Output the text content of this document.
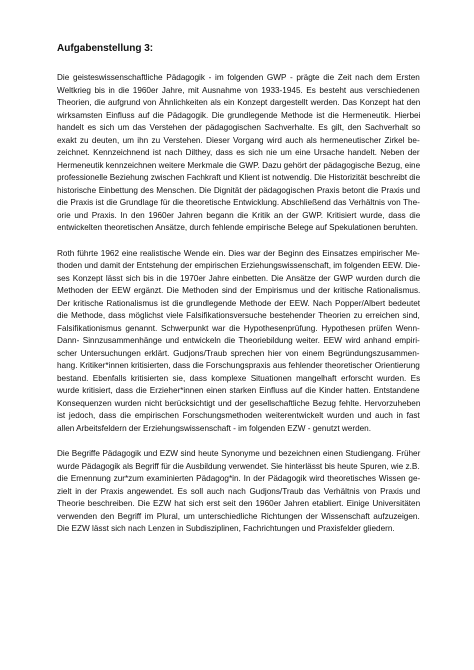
Aufgabenstellung 3:
Die geisteswissenschaftliche Pädagogik - im folgenden GWP - prägte die Zeit nach dem Ersten
Weltkrieg bis in die 1960er Jahre, mit Ausnahme von 1933-1945. Es besteht aus verschiedenen
Theorien, die aufgrund von Ähnlichkeiten als ein Konzept dargestellt werden. Das Konzept hat den
wirksamsten Einfluss auf die Pädagogik. Die grundlegende Methode ist die Hermeneutik. Hierbei
handelt es sich um das Verstehen der pädagogischen Sachverhalte. Es gilt, den Sachverhalt so
exakt zu deuten, um ihn zu Verstehen. Dieser Vorgang wird auch als hermeneutischer Zirkel be-
zeichnet. Kennzeichnend ist nach Dilthey, dass es sich nie um eine Ursache handelt. Neben der
Hermeneutik kennzeichnen weitere Merkmale die GWP. Dazu gehört der pädagogische Bezug, eine
professionelle Beziehung zwischen Fachkraft und Klient ist notwendig. Die Historizität beschreibt die
historische Einbettung des Menschen. Die Dignität der pädagogischen Praxis betont die Praxis und
die Praxis ist die Grundlage für die theoretische Entwicklung. Abschließend das Verhältnis von The-
orie und Praxis. In den 1960er Jahren begann die Kritik an der GWP. Kritisiert wurde, dass die
entwickelten theoretischen Ansätze, durch fehlende empirische Belege auf Spekulationen beruhten.
Roth führte 1962 eine realistische Wende ein. Dies war der Beginn des Einsatzes empirischer Me-
thoden und damit der Entstehung der empirischen Erziehungswissenschaft, im folgenden EEW. Die-
ses Konzept lässt sich bis in die 1970er Jahre einbetten. Die Ansätze der GWP wurden durch die
Methoden der EEW ergänzt. Die Methoden sind der Empirismus und der kritische Rationalismus.
Der kritische Rationalismus ist die grundlegende Methode der EEW. Nach Popper/Albert bedeutet
die Methode, dass möglichst viele Falsifikationsversuche bestehender Theorien zu erreichen sind,
Falsifikationismus genannt. Schwerpunkt war die Hypothesenprüfung. Hypothesen prüfen Wenn-
Dann- Sinnzusammenhänge und entwickeln die Theoriebildung weiter. EEW wird anhand empiri-
scher Untersuchungen erklärt. Gudjons/Traub sprechen hier von einem Begründungszusammen-
hang. Kritiker*innen kritisierten, dass die Forschungspraxis aus fehlender theoretischer Orientierung
bestand. Ebenfalls kritisierten sie, dass komplexe Situationen mangelhaft erforscht wurden. Es
wurde kritisiert, dass die Erzieher*innen einen starken Einfluss auf die Kinder hatten. Entstandene
Konsequenzen wurden nicht berücksichtigt und der gesellschaftliche Bezug fehlte. Hervorzuheben
ist jedoch, dass die empirischen Forschungsmethoden weiterentwickelt wurden und auch in fast
allen Arbeitsfeldern der Erziehungswissenschaft - im folgenden EZW - genutzt werden.
Die Begriffe Pädagogik und EZW sind heute Synonyme und bezeichnen einen Studiengang. Früher
wurde Pädagogik als Begriff für die Ausbildung verwendet. Sie hinterlässt bis heute Spuren, wie z.B.
die Ernennung zur*zum examinierten Pädagog*in. In der Pädagogik wird theoretisches Wissen ge-
zielt in der Praxis angewendet. Es soll auch nach Gudjons/Traub das Verhältnis von Praxis und
Theorie beschreiben. Die EZW hat sich erst seit den 1960er Jahren etabliert. Einige Universitäten
verwenden den Begriff im Plural, um unterschiedliche Richtungen der Wissenschaft aufzuzeigen.
Die EZW lässt sich nach Lenzen in Subdisziplinen, Fachrichtungen und Praxisfelder gliedern.
